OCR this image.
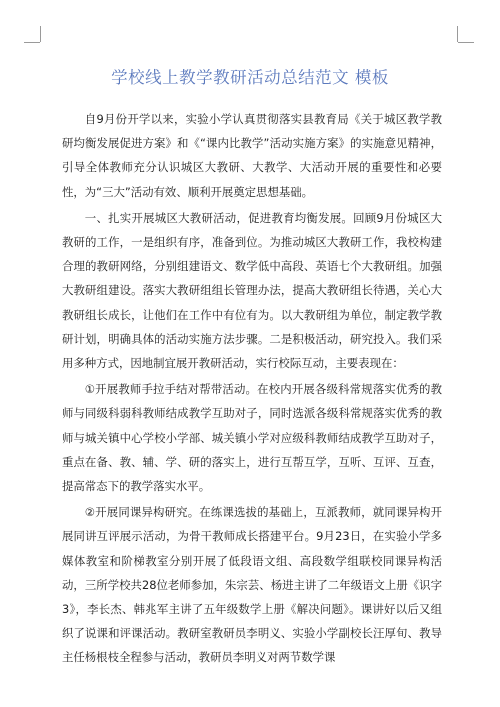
学校线上教学教研活动总结范文 模板

自9月份开学以来，实验小学认真贯彻落实县教育局《关于城区教学教研均衡发展促进方案》和《“课内比教学”活动实施方案》的实施意见精神，引导全体教师充分认识城区大教研、大教学、大活动开展的重要性和必要性，为“三大”活动有效、顺利开展奠定思想基础。

一、扎实开展城区大教研活动，促进教育均衡发展。回顾9月份城区大教研的工作，一是组织有序，准备到位。为推动城区大教研工作，我校构建合理的教研网络，分别组建语文、数学低中高段、英语七个大教研组。加强大教研组建设。落实大教研组组长管理办法，提高大教研组长待遇，关心大教研组长成长，让他们在工作中有位有为。以大教研组为单位，制定教学教研计划，明确具体的活动实施方法步骤。二是积极活动，研究投入。我们采用多种方式，因地制宜展开教研活动，实行校际互动，主要表现在：

①开展教师手拉手结对帮带活动。在校内开展各级科常规落实优秀的教师与同级科弱科教师结成教学互助对子，同时选派各级科常规落实优秀的教师与城关镇中心学校小学部、城关镇小学对应级科教师结成教学互助对子，重点在备、教、辅、学、研的落实上，进行互帮互学，互听、互评、互查，提高常态下的教学落实水平。

②开展同课异构研究。在练课选拔的基础上，互派教师，就同课异构开展同讲互评展示活动，为骨干教师成长搭建平台。9月23日，在实验小学多媒体教室和阶梯教室分别开展了低段语文组、高段数学组联校同课异构活动，三所学校共28位老师参加，朱宗芸、杨进主讲了二年级语文上册《识字3》，李长杰、韩兆军主讲了五年级数学上册《解决问题》。课讲好以后又组织了说课和评课活动。教研室教研员李明义、实验小学副校长汪厚旬、教导主任杨根枝全程参与活动，教研员李明义对两节数学课
